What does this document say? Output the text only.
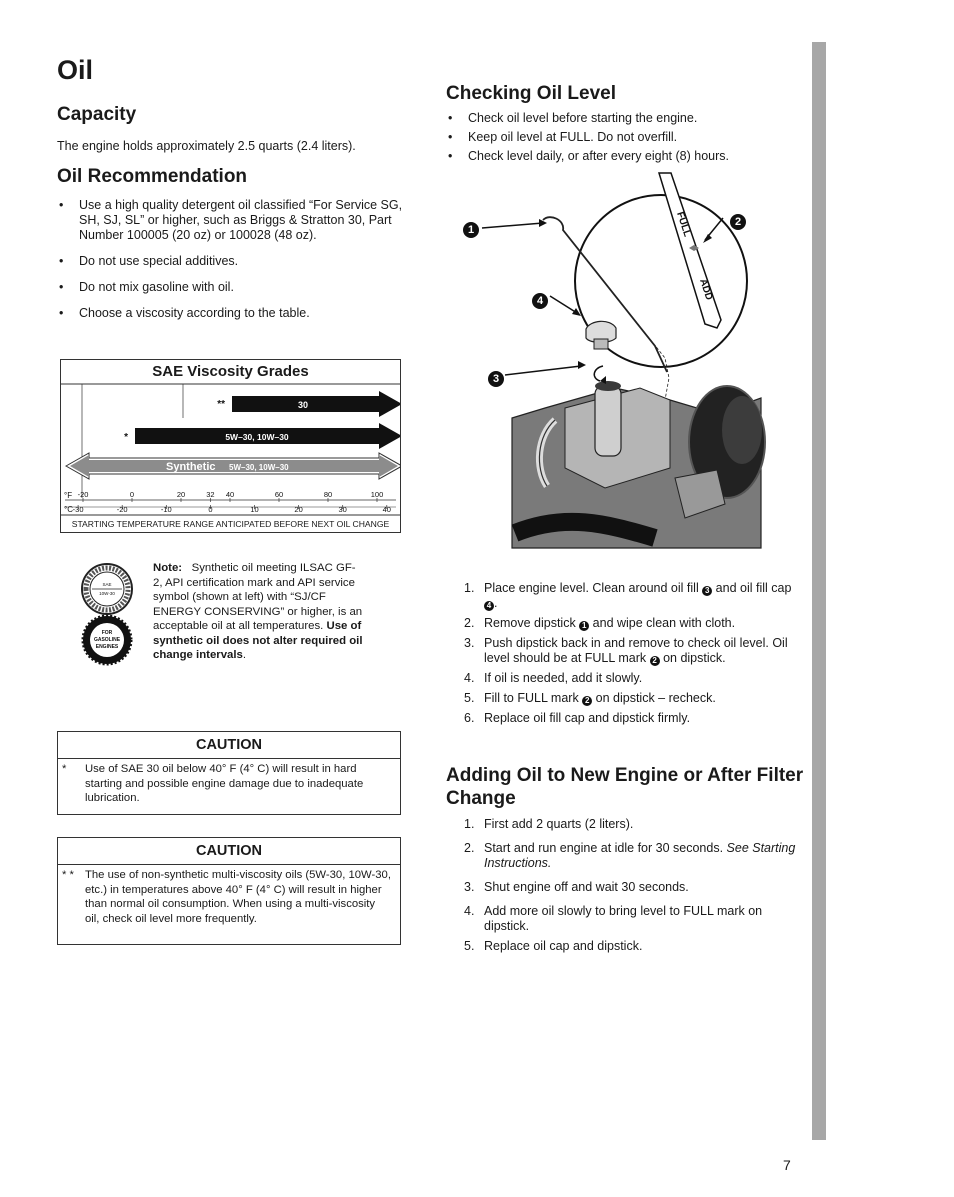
Oil
7
Capacity
The engine holds approximately 2.5 quarts (2.4 liters).
Oil Recommendation
• Use a high quality detergent oil classified “For Service SG, SH, SJ, SL” or higher, such as Briggs & Stratton 30, Part Number 100005 (20 oz) or 100028 (48 oz).
• Do not use special additives.
• Do not mix gasoline with oil.
• Choose a viscosity according to the table.
30
5W–30, 10W–30
Synthetic 5W–30, 10W–30
**
*
°F
°C
-20	0	20	32 40	60	80	100
-30	-20	-10	0	10	20	30	40
SAE Viscosity Grades
STARTING TEMPERATURE RANGE ANTICIPATED BEFORE NEXT OIL CHANGE
SAE
10W-30
FOR
GASOLINE
ENGINES
Note: Synthetic oil meeting ILSAC GF-2, API certification mark and API service symbol (shown at left) with “SJ/CF ENERGY CONSERVING” or higher, is an acceptable oil at all temperatures. Use of synthetic oil does not alter required oil change intervals.
CAUTION
* Use of SAE 30 oil below 40° F (4° C) will result in hard starting and possible engine damage due to inadequate lubrication.
CAUTION
* * The use of non-synthetic multi-viscosity oils (5W-30, 10W-30, etc.) in temperatures above 40° F (4° C) will result in higher than normal oil consumption. When using a multi-viscosity oil, check oil level more frequently.
Checking Oil Level
• Check oil level before starting the engine.
• Keep oil level at FULL. Do not overfill.
• Check level daily, or after every eight (8) hours.
FULL
ADD
1
2
3
4
1. Place engine level. Clean around oil fill 3 and oil fill cap 4 .
2. Remove dipstick 1 and wipe clean with cloth.
3. Push dipstick back in and remove to check oil level. Oil level should be at FULL mark 2 on dipstick.
4. If oil is needed, add it slowly.
5. Fill to FULL mark 2 on dipstick – recheck.
6. Replace oil fill cap and dipstick firmly.
Adding Oil to New Engine or After Filter Change
1. First add 2 quarts (2 liters).
2. Start and run engine at idle for 30 seconds. See Starting Instructions.
3. Shut engine off and wait 30 seconds.
4. Add more oil slowly to bring level to FULL mark on dipstick.
5. Replace oil cap and dipstick.
